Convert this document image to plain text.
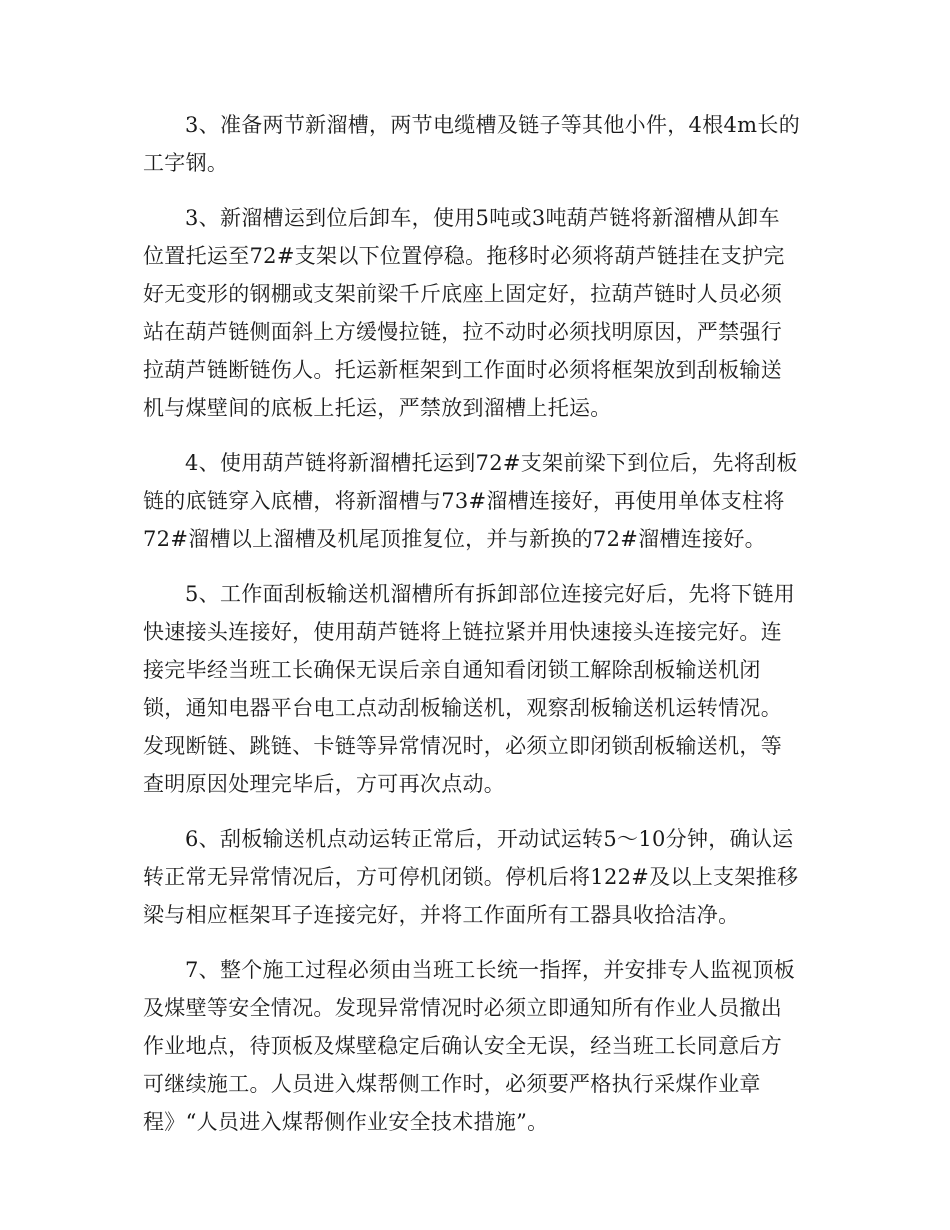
3、准备两节新溜槽，两节电缆槽及链子等其他小件，4根4m长的
工字钢。
3、新溜槽运到位后卸车，使用5吨或3吨葫芦链将新溜槽从卸车
位置托运至72#支架以下位置停稳。拖移时必须将葫芦链挂在支护完
好无变形的钢棚或支架前梁千斤底座上固定好，拉葫芦链时人员必须
站在葫芦链侧面斜上方缓慢拉链，拉不动时必须找明原因，严禁强行
拉葫芦链断链伤人。托运新框架到工作面时必须将框架放到刮板输送
机与煤壁间的底板上托运，严禁放到溜槽上托运。
4、使用葫芦链将新溜槽托运到72#支架前梁下到位后，先将刮板
链的底链穿入底槽，将新溜槽与73#溜槽连接好，再使用单体支柱将
72#溜槽以上溜槽及机尾顶推复位，并与新换的72#溜槽连接好。
5、工作面刮板输送机溜槽所有拆卸部位连接完好后，先将下链用
快速接头连接好，使用葫芦链将上链拉紧并用快速接头连接完好。连
接完毕经当班工长确保无误后亲自通知看闭锁工解除刮板输送机闭
锁，通知电器平台电工点动刮板输送机，观察刮板输送机运转情况。
发现断链、跳链、卡链等异常情况时，必须立即闭锁刮板输送机，等
查明原因处理完毕后，方可再次点动。
6、刮板输送机点动运转正常后，开动试运转5～10分钟，确认运
转正常无异常情况后，方可停机闭锁。停机后将122#及以上支架推移
梁与相应框架耳子连接完好，并将工作面所有工器具收拾洁净。
7、整个施工过程必须由当班工长统一指挥，并安排专人监视顶板
及煤壁等安全情况。发现异常情况时必须立即通知所有作业人员撤出
作业地点，待顶板及煤壁稳定后确认安全无误，经当班工长同意后方
可继续施工。人员进入煤帮侧工作时，必须要严格执行采煤作业章
程》“人员进入煤帮侧作业安全技术措施”。
